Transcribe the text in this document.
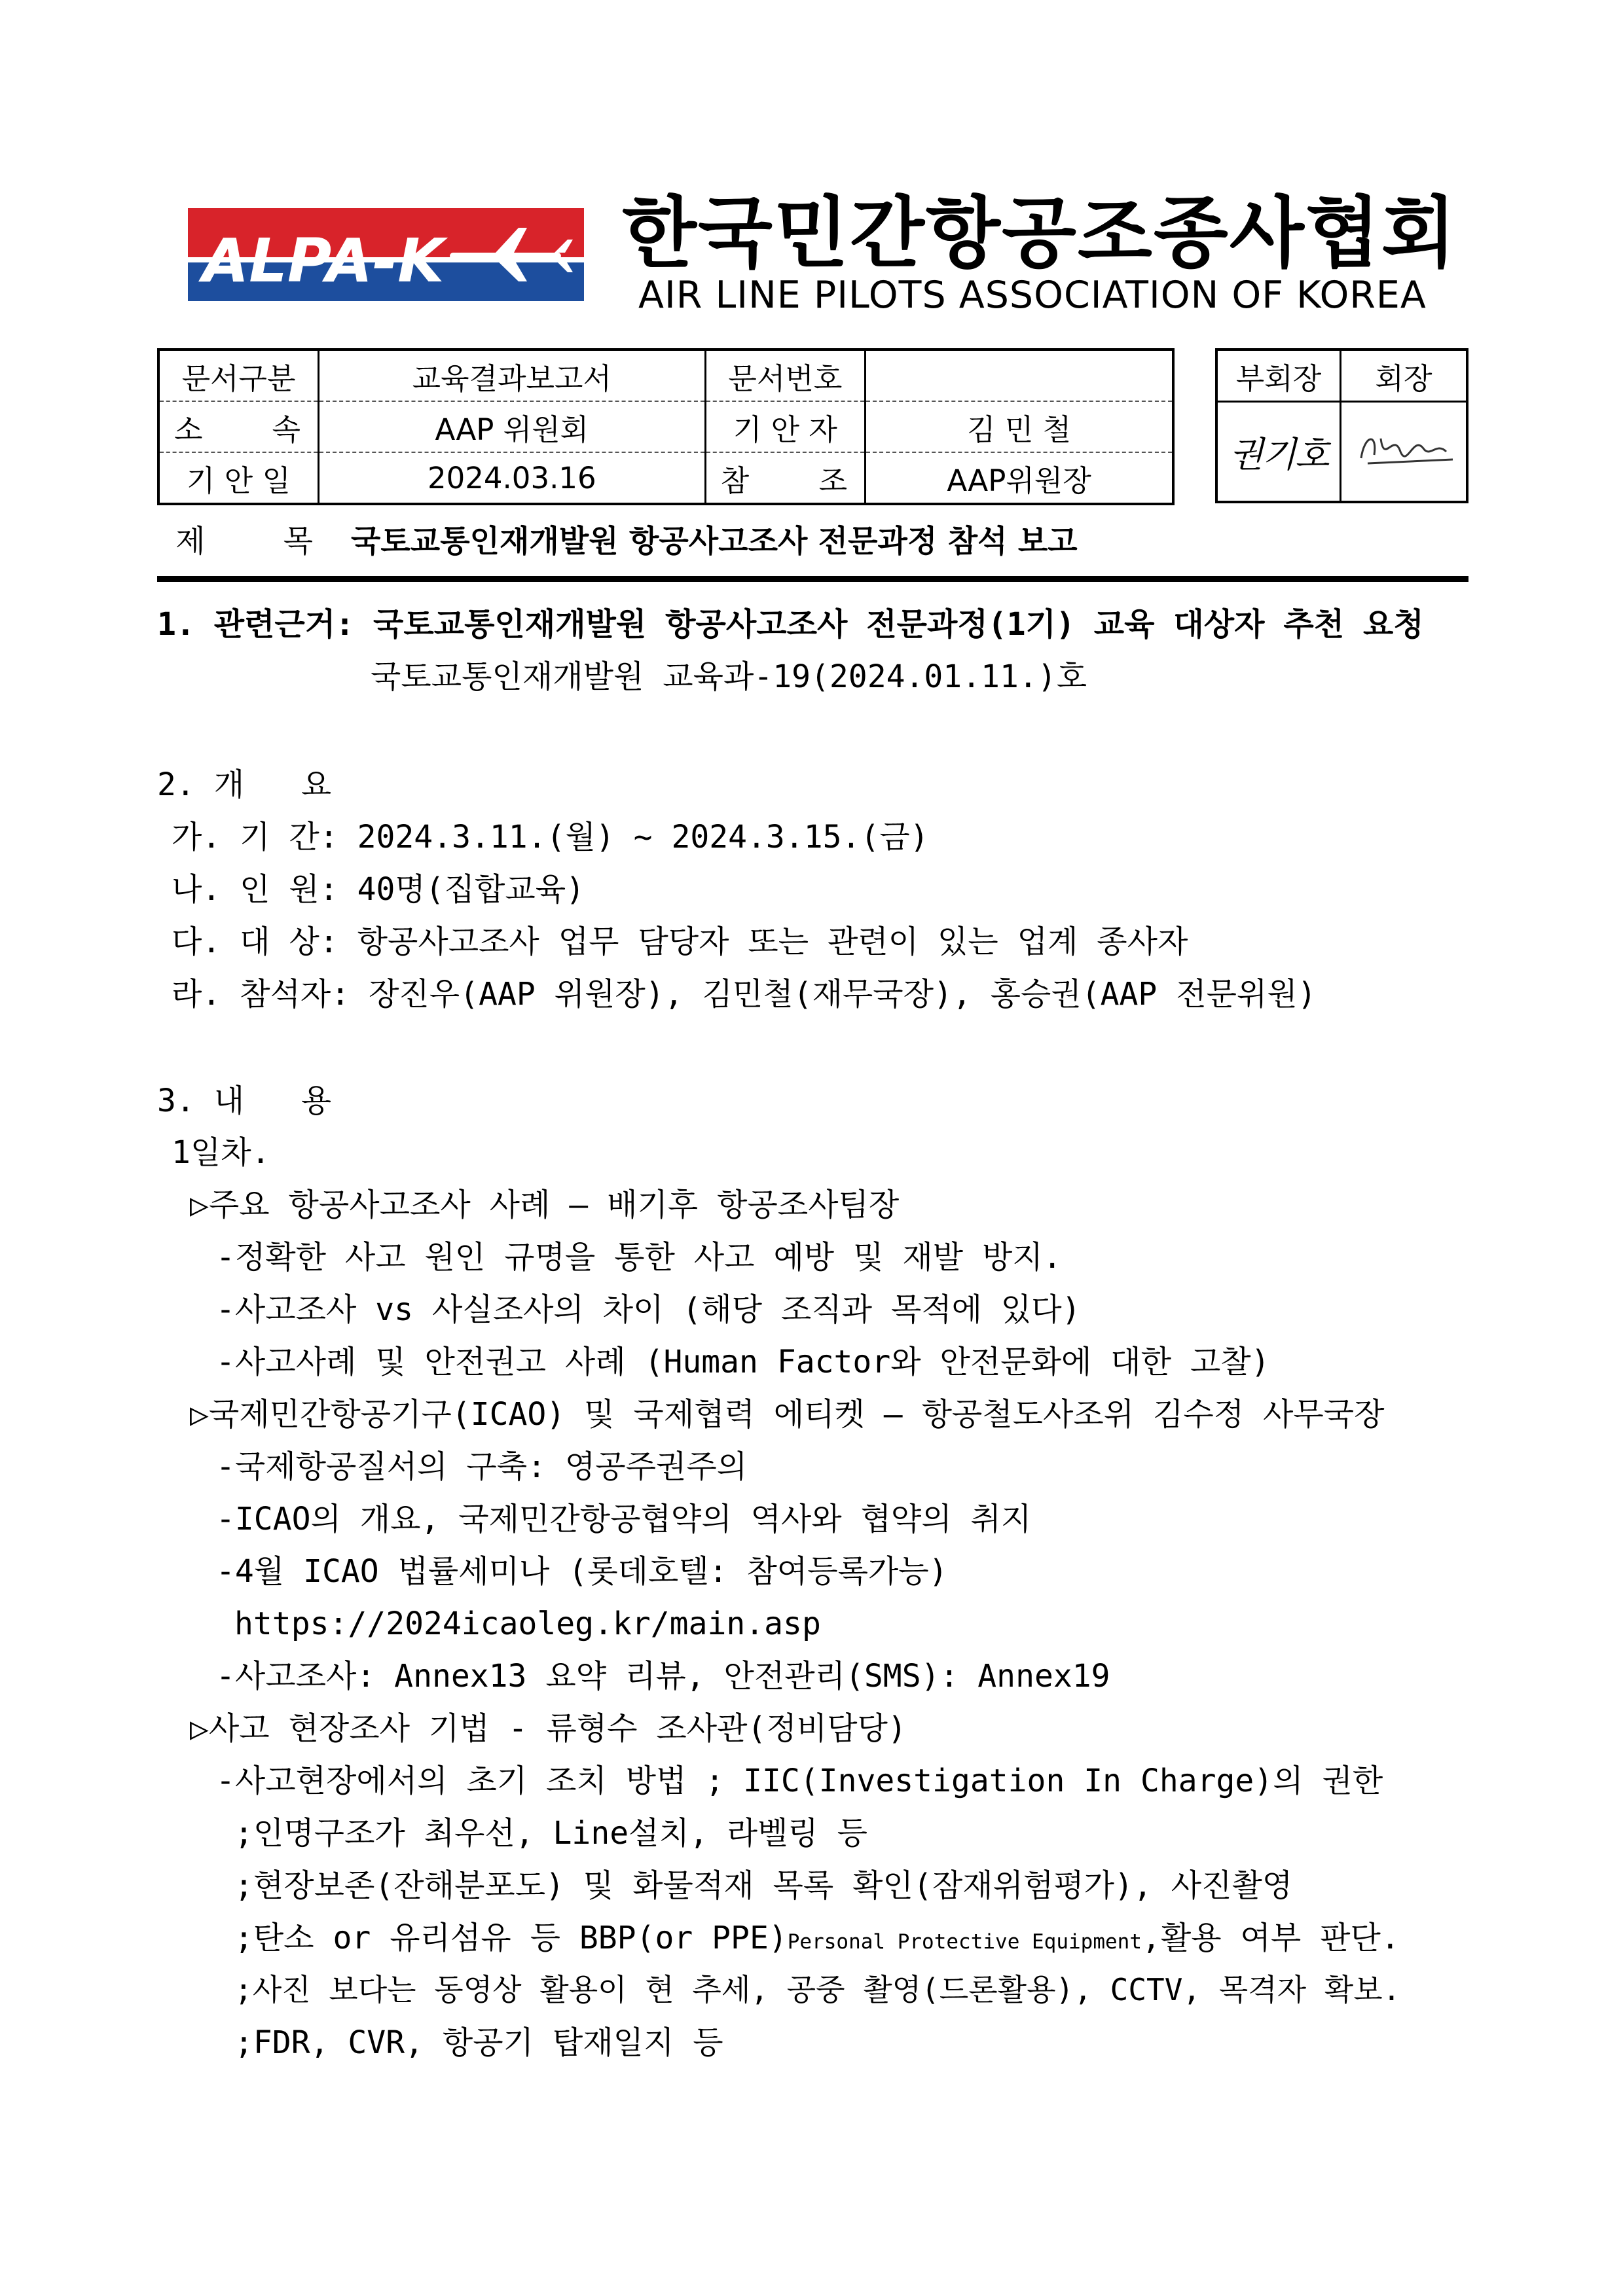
ALPA-K 한국민간항공조종사협회
AIR LINE PILOTS ASSOCIATION OF KOREA
문서구분	교육결과보고서	문서번호	

소 속	AAP 위원회	기 안 자	김 민 철
기 안 일	2024.03.16	참 조	AAP위원장
부회장	회장
권기호	
제	목 국토교통인재개발원 항공사고조사 전문과정 참석 보고
1. 관련근거: 국토교통인재개발원 항공사고조사 전문과정(1기) 교육 대상자 추천 요청
국토교통인재개발원 교육과-19(2024.01.11.)호
2. 개   요
가. 기 간: 2024.3.11.(월) ~ 2024.3.15.(금)
나. 인 원: 40명(집합교육)
다. 대 상: 항공사고조사 업무 담당자 또는 관련이 있는 업계 종사자
라. 참석자: 장진우(AAP 위원장), 김민철(재무국장), 홍승권(AAP 전문위원)
3. 내   용
1일차.
▷주요 항공사고조사 사례 – 배기후 항공조사팀장
-정확한 사고 원인 규명을 통한 사고 예방 및 재발 방지.
-사고조사 vs 사실조사의 차이 (해당 조직과 목적에 있다)
-사고사례 및 안전권고 사례 (Human Factor와 안전문화에 대한 고찰)
▷국제민간항공기구(ICAO) 및 국제협력 에티켓 – 항공철도사조위 김수정 사무국장
-국제항공질서의 구축: 영공주권주의
-ICAO의 개요, 국제민간항공협약의 역사와 협약의 취지
-4월 ICAO 법률세미나 (롯데호텔: 참여등록가능)
https://2024icaoleg.kr/main.asp
-사고조사: Annex13 요약 리뷰, 안전관리(SMS): Annex19
▷사고 현장조사 기법 - 류형수 조사관(정비담당)
-사고현장에서의 초기 조치 방법 ; IIC(Investigation In Charge)의 권한
;인명구조가 최우선, Line설치, 라벨링 등
;현장보존(잔해분포도) 및 화물적재 목록 확인(잠재위험평가), 사진촬영
;탄소 or 유리섬유 등 BBP(or PPE)Personal Protective Equipment,활용 여부 판단.
;사진 보다는 동영상 활용이 현 추세, 공중 촬영(드론활용), CCTV, 목격자 확보.
;FDR, CVR, 항공기 탑재일지 등
